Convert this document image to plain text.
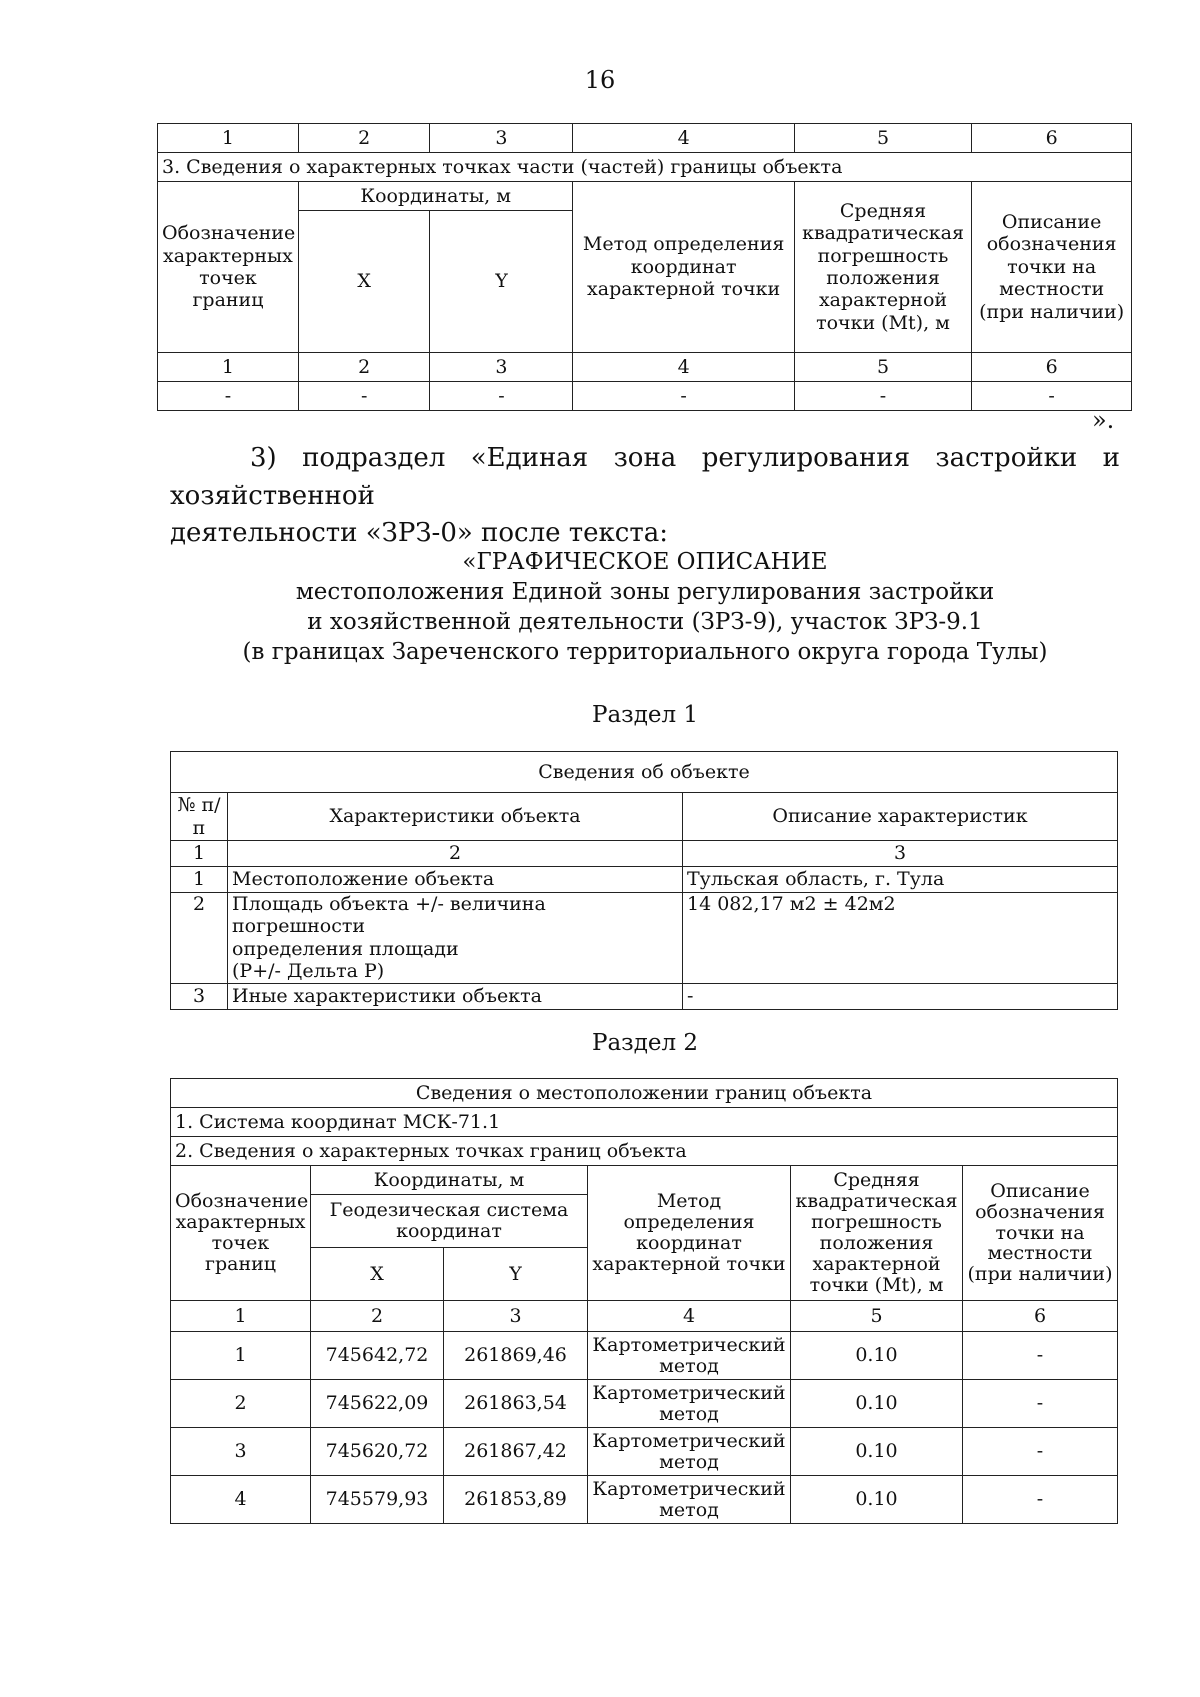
16
1	2	3	4	5	6
3. Сведения о характерных точках части (частей) границы объекта					
Обозначение характерных точек границ	Координаты, м		Метод определения координат характерной точки	Средняя квадратическая погрешность положения характерной точки (Mt), м	Описание обозначения точки на местности (при наличии)
	X	Y			
1	2	3	4	5	6
-	-	-	-	-	-
».
3) подраздел «Единая зона регулирования застройки и хозяйственной
деятельности «ЗРЗ-0» после текста:
«ГРАФИЧЕСКОЕ ОПИСАНИЕ
местоположения Единой зоны регулирования застройки
и хозяйственной деятельности (ЗРЗ-9), участок ЗРЗ-9.1
(в границах Зареченского территориального округа города Тулы)
Раздел 1
Сведения об объекте		
№ п/п	Характеристики объекта	Описание характеристик
1	2	3
1	Местоположение объекта	Тульская область, г. Тула
2	Площадь объекта +/- величина погрешности
определения площади
(P+/- Дельта P)	14 082,17 м2 ± 42м2
3	Иные характеристики объекта	-
Раздел 2
Сведения о местоположении границ объекта					
1. Система координат МСК-71.1					
2. Сведения о характерных точках границ объекта					
Обозначение характерных точек границ	Координаты, м		Метод определения координат характерной точки	Средняя квадратическая погрешность положения характерной точки (Mt), м	Описание обозначения точки на местности (при наличии)
	Геодезическая система координат				
	X	Y			
1	2	3	4	5	6
1	745642,72	261869,46	Картометрический метод	0.10	-
2	745622,09	261863,54	Картометрический метод	0.10	-
3	745620,72	261867,42	Картометрический метод	0.10	-
4	745579,93	261853,89	Картометрический метод	0.10	-
